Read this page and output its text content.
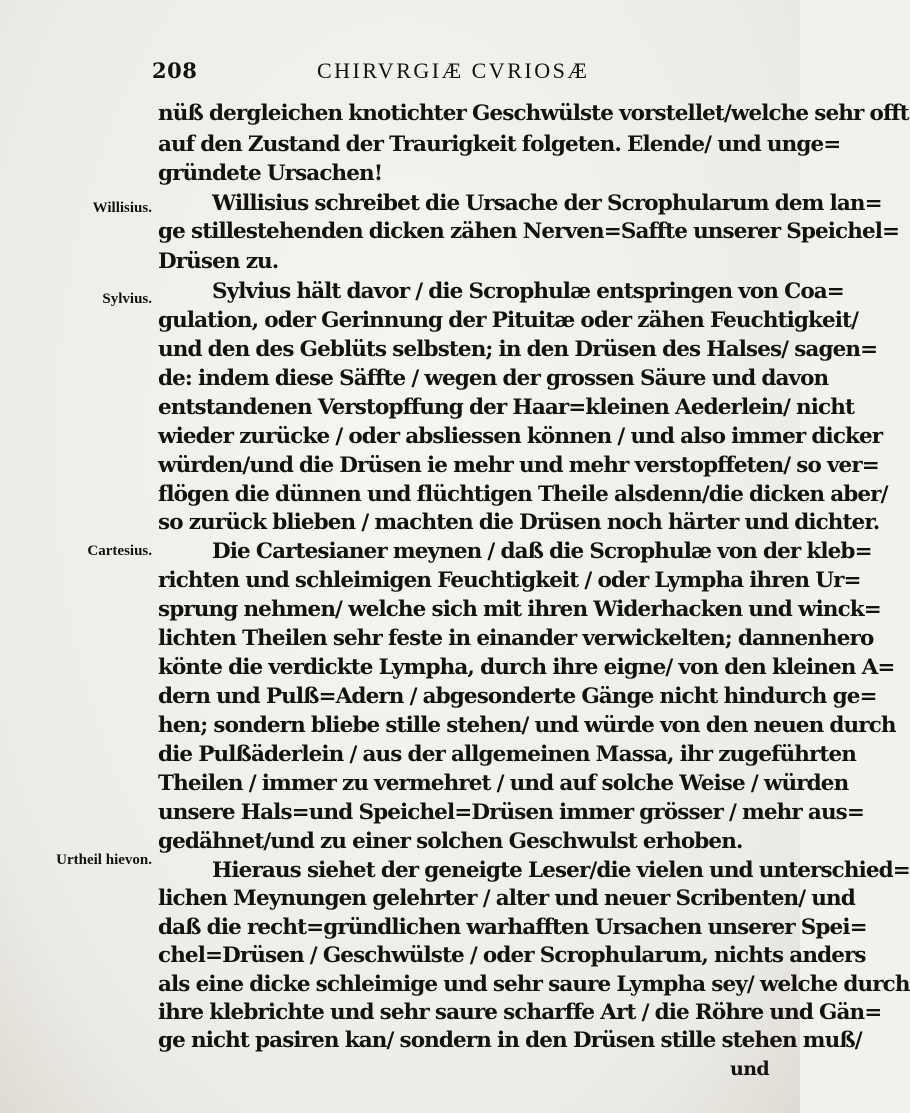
208	CHIRVRGIÆ CVRIOSÆ
Willisius.
Sylvius.
Cartesius.
Urtheil hievon.
nüß dergleichen knotichter Geschwülste vorstellet/welche sehr offt
auf den Zustand der Traurigkeit folgeten. Elende/ und unge=
gründete Ursachen!
Willisius schreibet die Ursache der Scrophularum dem lan=
ge stillestehenden dicken zähen Nerven=Saffte unserer Speichel=
Drüsen zu.
Sylvius hält davor / die Scrophulæ entspringen von Coa=
gulation, oder Gerinnung der Pituitæ oder zähen Feuchtigkeit/
und den des Geblüts selbsten; in den Drüsen des Halses/ sagen=
de: indem diese Säffte / wegen der grossen Säure und davon
entstandenen Verstopffung der Haar=kleinen Aederlein/ nicht
wieder zurücke / oder absliessen können / und also immer dicker
würden/und die Drüsen ie mehr und mehr verstopffeten/ so ver=
flögen die dünnen und flüchtigen Theile alsdenn/die dicken aber/
so zurück blieben / machten die Drüsen noch härter und dichter.
Die Cartesianer meynen / daß die Scrophulæ von der kleb=
richten und schleimigen Feuchtigkeit / oder Lympha ihren Ur=
sprung nehmen/ welche sich mit ihren Widerhacken und winck=
lichten Theilen sehr feste in einander verwickelten; dannenhero
könte die verdickte Lympha, durch ihre eigne/ von den kleinen A=
dern und Pulß=Adern / abgesonderte Gänge nicht hindurch ge=
hen; sondern bliebe stille stehen/ und würde von den neuen durch
die Pulßäderlein / aus der allgemeinen Massa, ihr zugeführten
Theilen / immer zu vermehret / und auf solche Weise / würden
unsere Hals=und Speichel=Drüsen immer grösser / mehr aus=
gedähnet/und zu einer solchen Geschwulst erhoben.
Hieraus siehet der geneigte Leser/die vielen und unterschied=
lichen Meynungen gelehrter / alter und neuer Scribenten/ und
daß die recht=gründlichen warhafften Ursachen unserer Spei=
chel=Drüsen / Geschwülste / oder Scrophularum, nichts anders
als eine dicke schleimige und sehr saure Lympha sey/ welche durch
ihre klebrichte und sehr saure scharffe Art / die Röhre und Gän=
ge nicht pasiren kan/ sondern in den Drüsen stille stehen muß/
und
